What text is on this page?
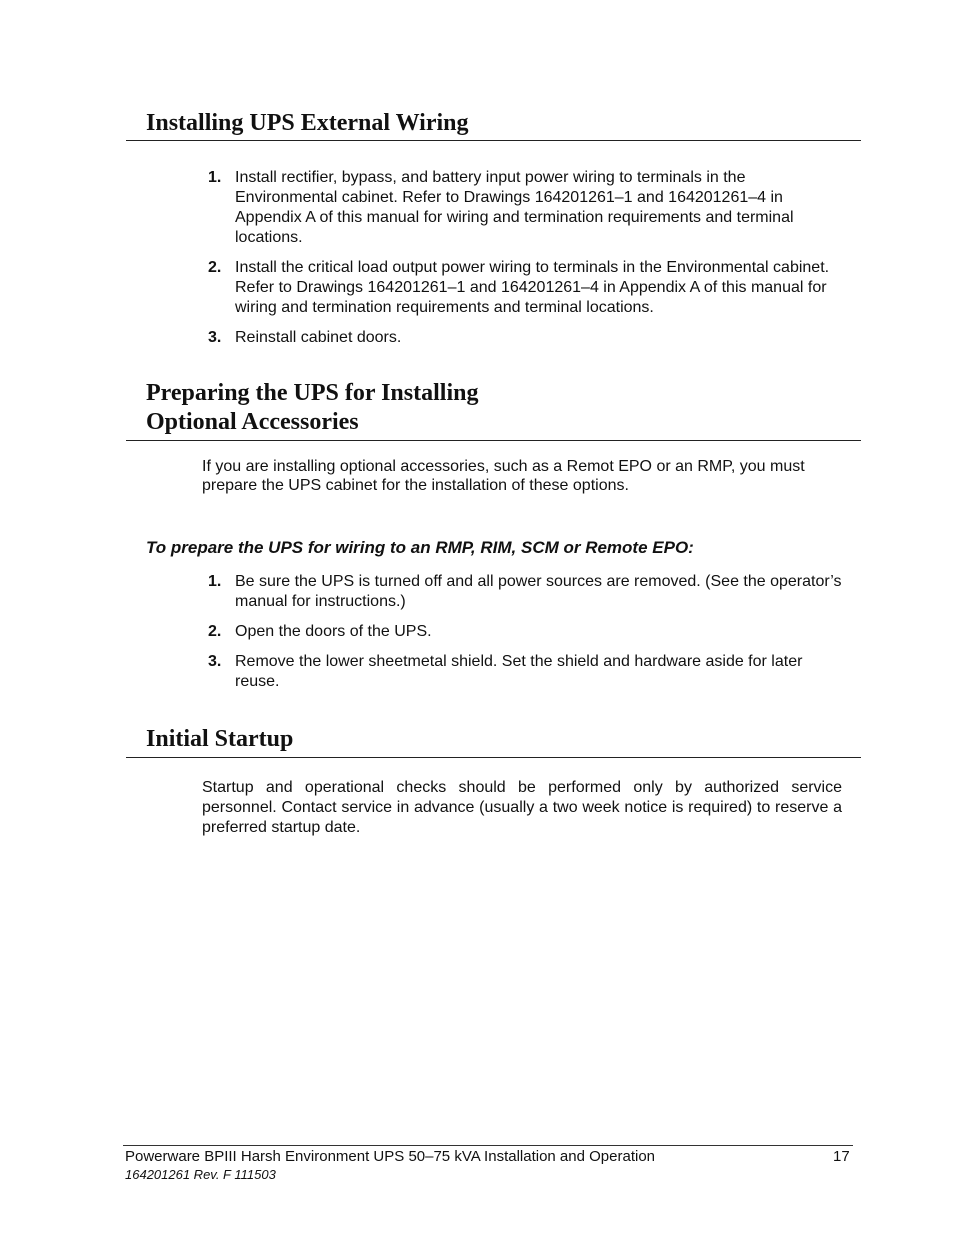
Installing UPS External Wiring
1. Install rectifier, bypass, and battery input power wiring to terminals in the Environmental cabinet. Refer to Drawings 164201261–1 and 164201261–4 in Appendix A of this manual for wiring and termination requirements and terminal locations.
2. Install the critical load output power wiring to terminals in the Environmental cabinet. Refer to Drawings 164201261–1 and 164201261–4 in Appendix A of this manual for wiring and termination requirements and terminal locations.
3. Reinstall cabinet doors.
Preparing the UPS for Installing
Optional Accessories

If you are installing optional accessories, such as a Remot EPO or an RMP, you must prepare the UPS cabinet for the installation of these options.

To prepare the UPS for wiring to an RMP, RIM, SCM or Remote EPO:

1. Be sure the UPS is turned off and all power sources are removed. (See the operator’s manual for instructions.)
2. Open the doors of the UPS.
3. Remove the lower sheetmetal shield. Set the shield and hardware aside for later reuse.
Initial Startup

Startup and operational checks should be performed only by authorized service personnel. Contact service in advance (usually a two week notice is required) to reserve a preferred startup date.

Powerware BPIII Harsh Environment UPS 50–75 kVA Installation and Operation	17
164201261 Rev. F 111503
